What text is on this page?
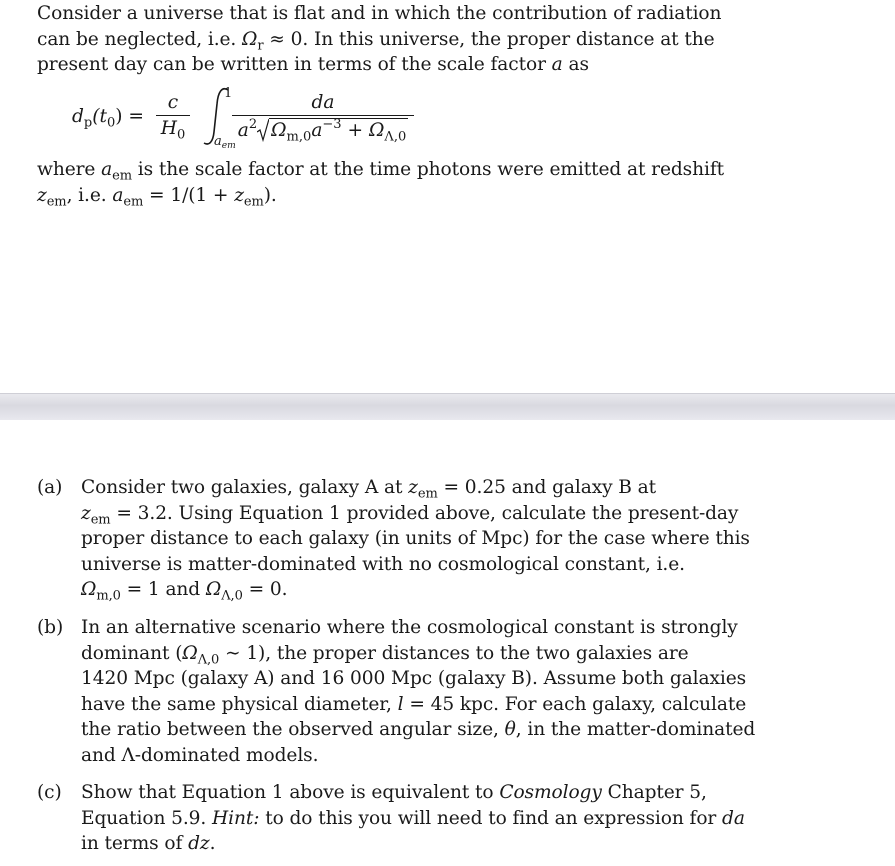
Consider a universe that is flat and in which the contribution of radiation
can be neglected, i.e. $\Omega_r \approx 0$. In this universe, the proper distance at the
present day can be written in terms of the scale factor a as
$d_p(t_0)$ =
c
$H_0$
1
$a_{em}$
da
$a^2$ $\Omega_{m,0}a^{-3} + \Omega_{\Lambda,0}$
where $a_{em}$ is the scale factor at the time photons were emitted at redshift
$z_{em}$, i.e. $a_{em} = 1/(1 + z_{em})$.
(a) Consider two galaxies, galaxy A at $z_{em} = 0.25$ and galaxy B at
$z_{em} = 3.2$. Using Equation 1 provided above, calculate the present-day
proper distance to each galaxy (in units of Mpc) for the case where this
universe is matter-dominated with no cosmological constant, i.e.
$\Omega_{m,0} = 1$ and $\Omega_{\Lambda,0} = 0$.
(b) In an alternative scenario where the cosmological constant is strongly
dominant ($\Omega_{\Lambda,0}$ ∼ 1), the proper distances to the two galaxies are
1420 Mpc (galaxy A) and 16 000 Mpc (galaxy B). Assume both galaxies
have the same physical diameter, l = 45 kpc. For each galaxy, calculate
the ratio between the observed angular size, θ, in the matter-dominated
and Λ-dominated models.
(c) Show that Equation 1 above is equivalent to Cosmology Chapter 5,
Equation 5.9. Hint: to do this you will need to find an expression for da
in terms of dz.
